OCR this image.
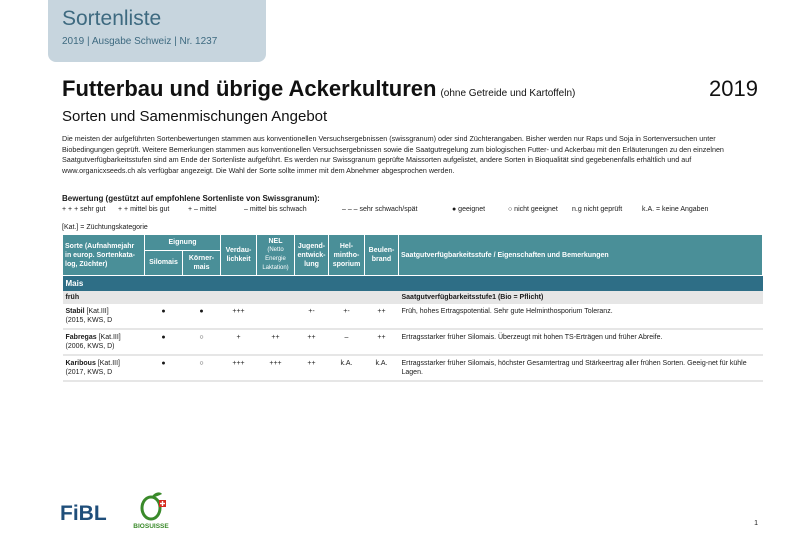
Sortenliste
2019 | Ausgabe Schweiz | Nr. 1237
Futterbau und übrige Ackerkulturen (ohne Getreide und Kartoffeln)	2019
Sorten und Samenmischungen Angebot

Die meisten der aufgeführten Sortenbewertungen stammen aus konventionellen Versuchsergebnissen (swissgranum) oder sind Züchterangaben. Bisher werden nur Raps und Soja in Sortenversuchen unter Biobedingungen geprüft. Weitere Bemerkungen stammen aus konventionellen Versuchsergebnissen sowie die Saatgutregelung zum biologischen Futter- und Ackerbau mit den Erläuterungen zu den einzelnen Saatgutverfügbarkeitsstufen sind am Ende der Sortenliste aufgeführt. Es werden nur Swissgranum geprüfte Maissorten aufgelistet, andere Sorten in Bioqualität sind gegebenenfalls erhältlich und auf www.organicxseeds.ch als verfügbar angezeigt. Die Wahl der Sorte sollte immer mit dem Abnehmer abgesprochen werden.

Bewertung (gestützt auf empfohlene Sortenliste von Swissgranum):
+ + + sehr gut	+ + mittel bis gut	+ – mittel	– mittel bis schwach	– – – sehr schwach/spät	● geeignet	○ nicht geeignet	n.g nicht geprüft	k.A. = keine Angaben
[Kat.] = Züchtungskategorie
Sorte (Aufnahmejahr in europ. Sortenkata-log, Züchter)	Eignung		Verdau-lichkeit	NEL
(Netto Energie Laktation)	Jugend-entwick-lung	Hel-mintho-sporium	Beulen-brand	Saatgutverfügbarkeitsstufe / Eigenschaften und Bemerkungen
	Silomais	Körner-mais						
Mais								
früh								Saatgutverfügbarkeitsstufe1 (Bio = Pflicht)
Stabil [Kat.III]
(2015, KWS, D	●	●	+++		+-	+-	++	Früh, hohes Ertragspotential. Sehr gute Helminthosporium Toleranz.
Fabregas [Kat.III]
(2006, KWS, D)	●	○	+	++	++	–	++	Ertragsstarker früher Silomais. Überzeugt mit hohen TS-Erträgen und früher Abreife.
Karibous [Kat.III]
(2017, KWS, D	●	○	+++	+++	++	k.A.	k.A.	Ertragsstarker früher Silomais, höchster Gesamtertrag und Stärkeertrag aller frühen Sorten. Geeig-net für kühle Lagen.
FiBL
BIOSUISSE	1
